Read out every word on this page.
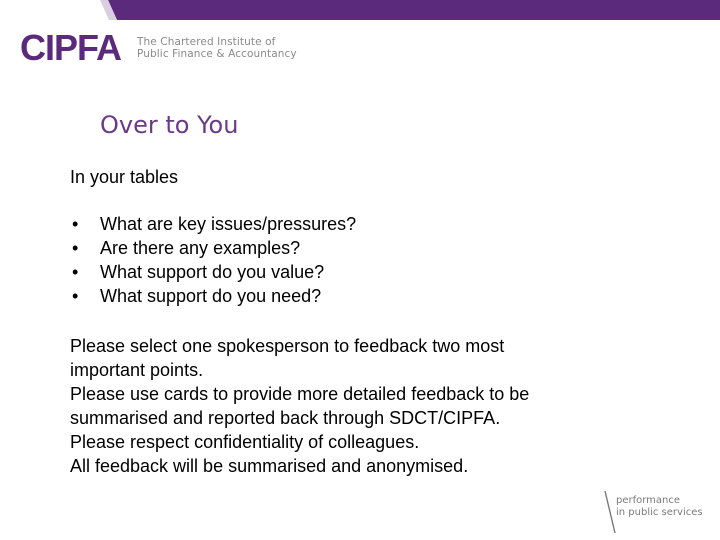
CIPFA The Chartered Institute of
Public Finance & Accountancy
Over to You

In your tables

• What are key issues/pressures?
• Are there any examples?
• What support do you value?
• What support do you need?
Please select one spokesperson to feedback two most
important points.
Please use cards to provide more detailed feedback to be
summarised and reported back through SDCT/CIPFA.
Please respect confidentiality of colleagues.
All feedback will be summarised and anonymised.
performance
in public services
